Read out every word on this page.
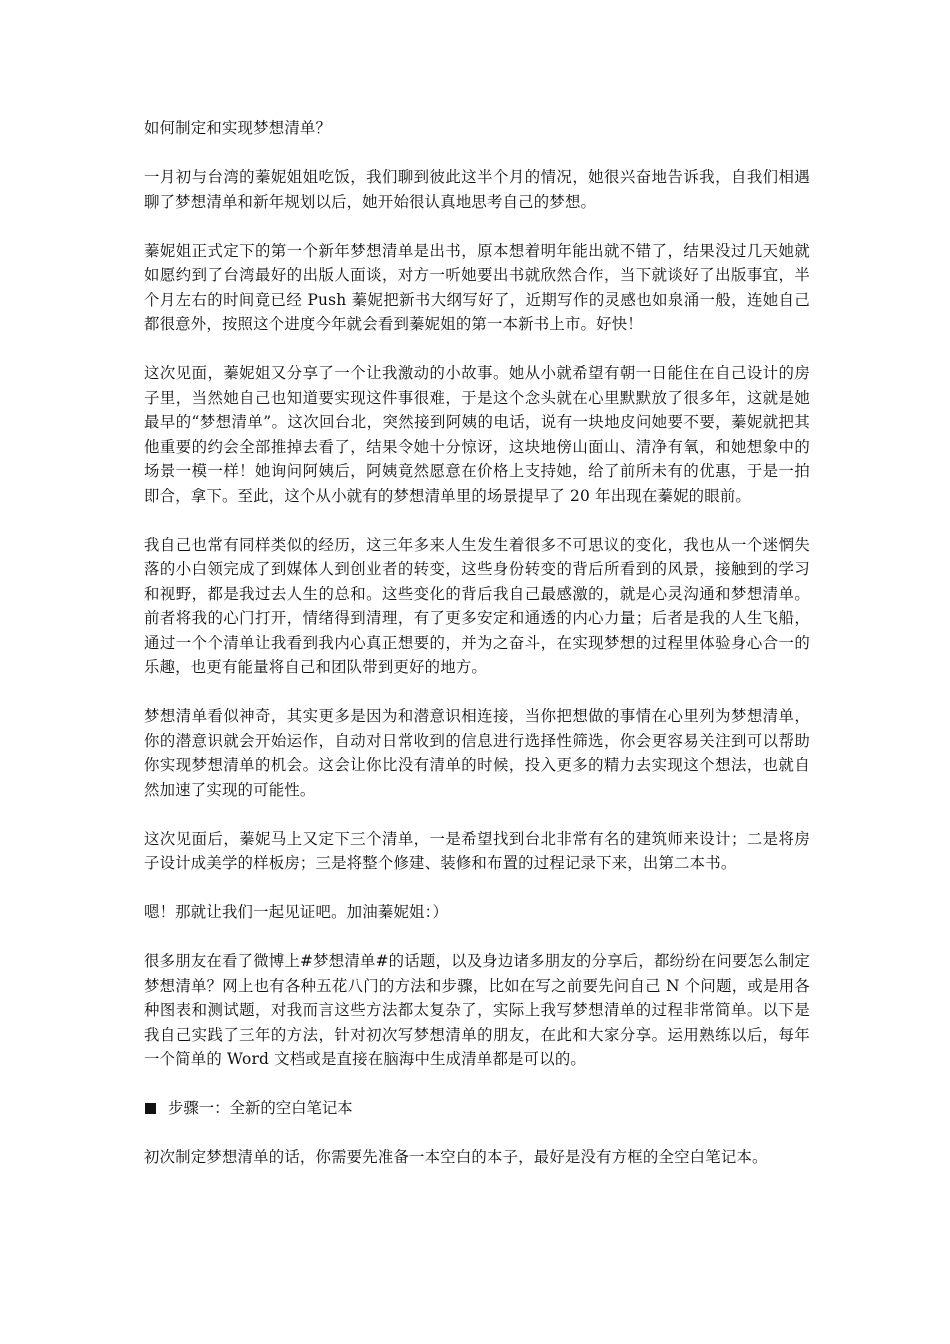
如何制定和实现梦想清单？

一月初与台湾的蓁妮姐姐吃饭，我们聊到彼此这半个月的情况，她很兴奋地告诉我，自我们相遇聊了梦想清单和新年规划以后，她开始很认真地思考自己的梦想。

蓁妮姐正式定下的第一个新年梦想清单是出书，原本想着明年能出就不错了，结果没过几天她就如愿约到了台湾最好的出版人面谈，对方一听她要出书就欣然合作，当下就谈好了出版事宜，半个月左右的时间竟已经 Push 蓁妮把新书大纲写好了，近期写作的灵感也如泉涌一般，连她自己都很意外，按照这个进度今年就会看到蓁妮姐的第一本新书上市。好快！

这次见面，蓁妮姐又分享了一个让我激动的小故事。她从小就希望有朝一日能住在自己设计的房子里，当然她自己也知道要实现这件事很难，于是这个念头就在心里默默放了很多年，这就是她最早的“梦想清单”。这次回台北，突然接到阿姨的电话，说有一块地皮问她要不要，蓁妮就把其他重要的约会全部推掉去看了，结果令她十分惊讶，这块地傍山面山、清净有氧，和她想象中的场景一模一样！她询问阿姨后，阿姨竟然愿意在价格上支持她，给了前所未有的优惠，于是一拍即合，拿下。至此，这个从小就有的梦想清单里的场景提早了 20 年出现在蓁妮的眼前。

我自己也常有同样类似的经历，这三年多来人生发生着很多不可思议的变化，我也从一个迷惘失落的小白领完成了到媒体人到创业者的转变，这些身份转变的背后所看到的风景，接触到的学习和视野，都是我过去人生的总和。这些变化的背后我自己最感激的，就是心灵沟通和梦想清单。前者将我的心门打开，情绪得到清理，有了更多安定和通透的内心力量；后者是我的人生飞船，通过一个个清单让我看到我内心真正想要的，并为之奋斗，在实现梦想的过程里体验身心合一的乐趣，也更有能量将自己和团队带到更好的地方。

梦想清单看似神奇，其实更多是因为和潜意识相连接，当你把想做的事情在心里列为梦想清单，你的潜意识就会开始运作，自动对日常收到的信息进行选择性筛选，你会更容易关注到可以帮助你实现梦想清单的机会。这会让你比没有清单的时候，投入更多的精力去实现这个想法，也就自然加速了实现的可能性。

这次见面后，蓁妮马上又定下三个清单，一是希望找到台北非常有名的建筑师来设计；二是将房子设计成美学的样板房；三是将整个修建、装修和布置的过程记录下来，出第二本书。

嗯！那就让我们一起见证吧。加油蓁妮姐：）

很多朋友在看了微博上#梦想清单#的话题，以及身边诸多朋友的分享后，都纷纷在问要怎么制定梦想清单？网上也有各种五花八门的方法和步骤，比如在写之前要先问自己 N 个问题，或是用各种图表和测试题，对我而言这些方法都太复杂了，实际上我写梦想清单的过程非常简单。以下是我自己实践了三年的方法，针对初次写梦想清单的朋友，在此和大家分享。运用熟练以后，每年一个简单的 Word 文档或是直接在脑海中生成清单都是可以的。

步骤一：全新的空白笔记本

初次制定梦想清单的话，你需要先准备一本空白的本子，最好是没有方框的全空白笔记本。
